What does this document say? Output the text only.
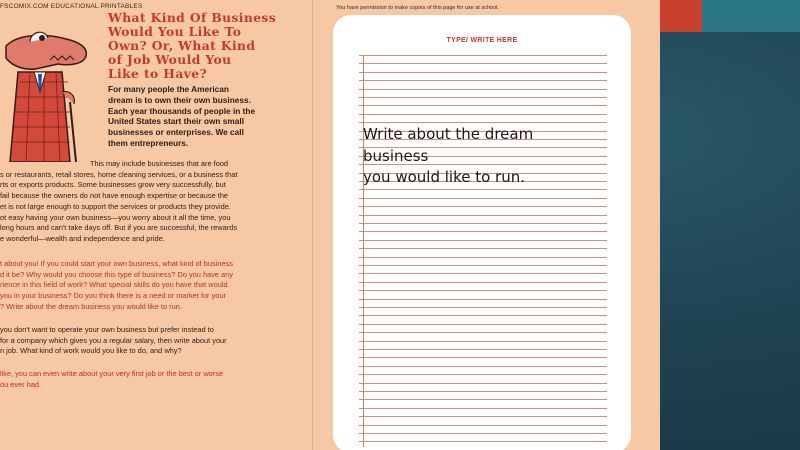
FSCOMIX.COM EDUCATIONAL PRINTABLES
What Kind Of Business
Would You Like To
Own? Or, What Kind
of Job Would You
Like to Have?
For many people the American
dream is to own their own business.
Each year thousands of people in the
United States start their own small
businesses or enterprises. We call
them entrepreneurs.
This may include businesses that are food
s or restaurants, retail stores, home cleaning services, or a business that
rts or exports products. Some businesses grow very successfully, but
fail because the owners do not have enough expertise or because the
et is not large enough to support the services or products they provide.
ot easy having your own business—you worry about it all the time, you
long hours and can't take days off. But if you are successful, the rewards
e wonderful—wealth and independence and pride.
t about you! If you could start your own business, what kind of business
d it be? Why would you choose this type of business? Do you have any
rience in this field of work? What special skills do you have that would
you in your business? Do you think there is a need or market for your
? Write about the dream business you would like to run.
you don't want to operate your own business but prefer instead to
for a company which gives you a regular salary, then write about your
n job. What kind of work would you like to do, and why?
like, you can even write about your very first job or the best or worse
ou ever had.
You have permission to make copies of this page for use at school.
TYPE/ WRITE HERE
Write about the dream
business
you would like to run.
